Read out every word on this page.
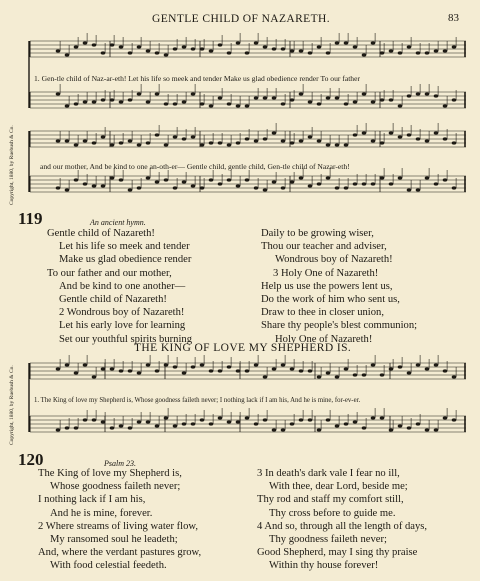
GENTLE CHILD OF NAZARETH.	83
Copyright, 1880, by Ruebush & Co.
1. Gen-tle child of Naz-ar-eth! Let his life so meek and tender Make us glad obedience render To our father
and our mother, And be kind to one an-oth-er— Gentle child, gentle child, Gen-tle child of Nazar-eth!
119	An ancient hymn.
Gentle child of Nazareth!
Let his life so meek and tender
Make us glad obedience render
To our father and our mother,
And be kind to one another—
Gentle child of Nazareth!
2 Wondrous boy of Nazareth!
Let his early love for learning
Set our youthful spirits burning
Daily to be growing wiser,
Thou our teacher and adviser,
Wondrous boy of Nazareth!
3 Holy One of Nazareth!
Help us use the powers lent us,
Do the work of him who sent us,
Draw to thee in closer union,
Share thy people's blest communion;
Holy One of Nazareth!
THE KING OF LOVE MY SHEPHERD IS.
Copyright, 1880, by Ruebush & Co.	1. The King of love my Shepherd is, Whose goodness faileth never; I nothing lack if I am his, And he is mine, for-ev-er.
120	Psalm 23.
The King of love my Shepherd is,
Whose goodness faileth never;
I nothing lack if I am his,
And he is mine, forever.
2 Where streams of living water flow,
My ransomed soul he leadeth;
And, where the verdant pastures grow,
With food celestial feedeth.
3 In death's dark vale I fear no ill,
With thee, dear Lord, beside me;
Thy rod and staff my comfort still,
Thy cross before to guide me.
4 And so, through all the length of days,
Thy goodness faileth never;
Good Shepherd, may I sing thy praise
Within thy house forever!
